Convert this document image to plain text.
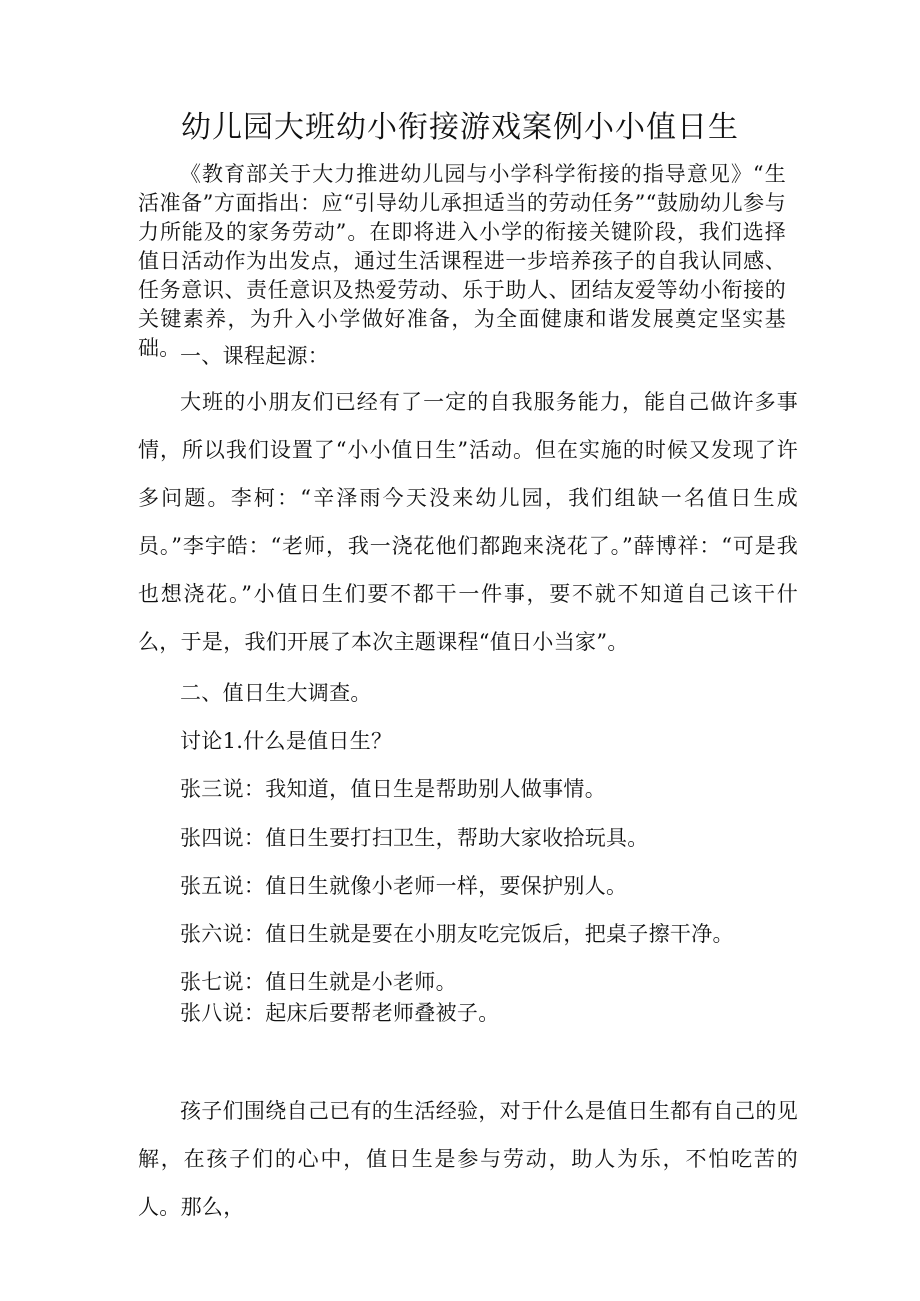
幼儿园大班幼小衔接游戏案例小小值日生

《教育部关于大力推进幼儿园与小学科学衔接的指导意见》“生活准备”方面指出：应“引导幼儿承担适当的劳动任务”“鼓励幼儿参与力所能及的家务劳动”。在即将进入小学的衔接关键阶段，我们选择值日活动作为出发点，通过生活课程进一步培养孩子的自我认同感、任务意识、责任意识及热爱劳动、乐于助人、团结友爱等幼小衔接的关键素养，为升入小学做好准备，为全面健康和谐发展奠定坚实基础。 一、课程起源：

大班的小朋友们已经有了一定的自我服务能力，能自己做许多事情，所以我们设置了“小小值日生”活动。但在实施的时候又发现了许多问题。李柯：“辛泽雨今天没来幼儿园，我们组缺一名值日生成员。”李宇皓：“老师，我一浇花他们都跑来浇花了。”薛博祥：“可是我也想浇花。”小值日生们要不都干一件事，要不就不知道自己该干什么，于是，我们开展了本次主题课程“值日小当家”。

二、值日生大调查。

讨论1.什么是值日生？

张三说：我知道，值日生是帮助别人做事情。

张四说：值日生要打扫卫生，帮助大家收拾玩具。

张五说：值日生就像小老师一样，要保护别人。

张六说：值日生就是要在小朋友吃完饭后，把桌子擦干净。

张七说：值日生就是小老师。

张八说：起床后要帮老师叠被子。

孩子们围绕自己已有的生活经验，对于什么是值日生都有自己的见解，在孩子们的心中，值日生是参与劳动，助人为乐，不怕吃苦的人。那么，
